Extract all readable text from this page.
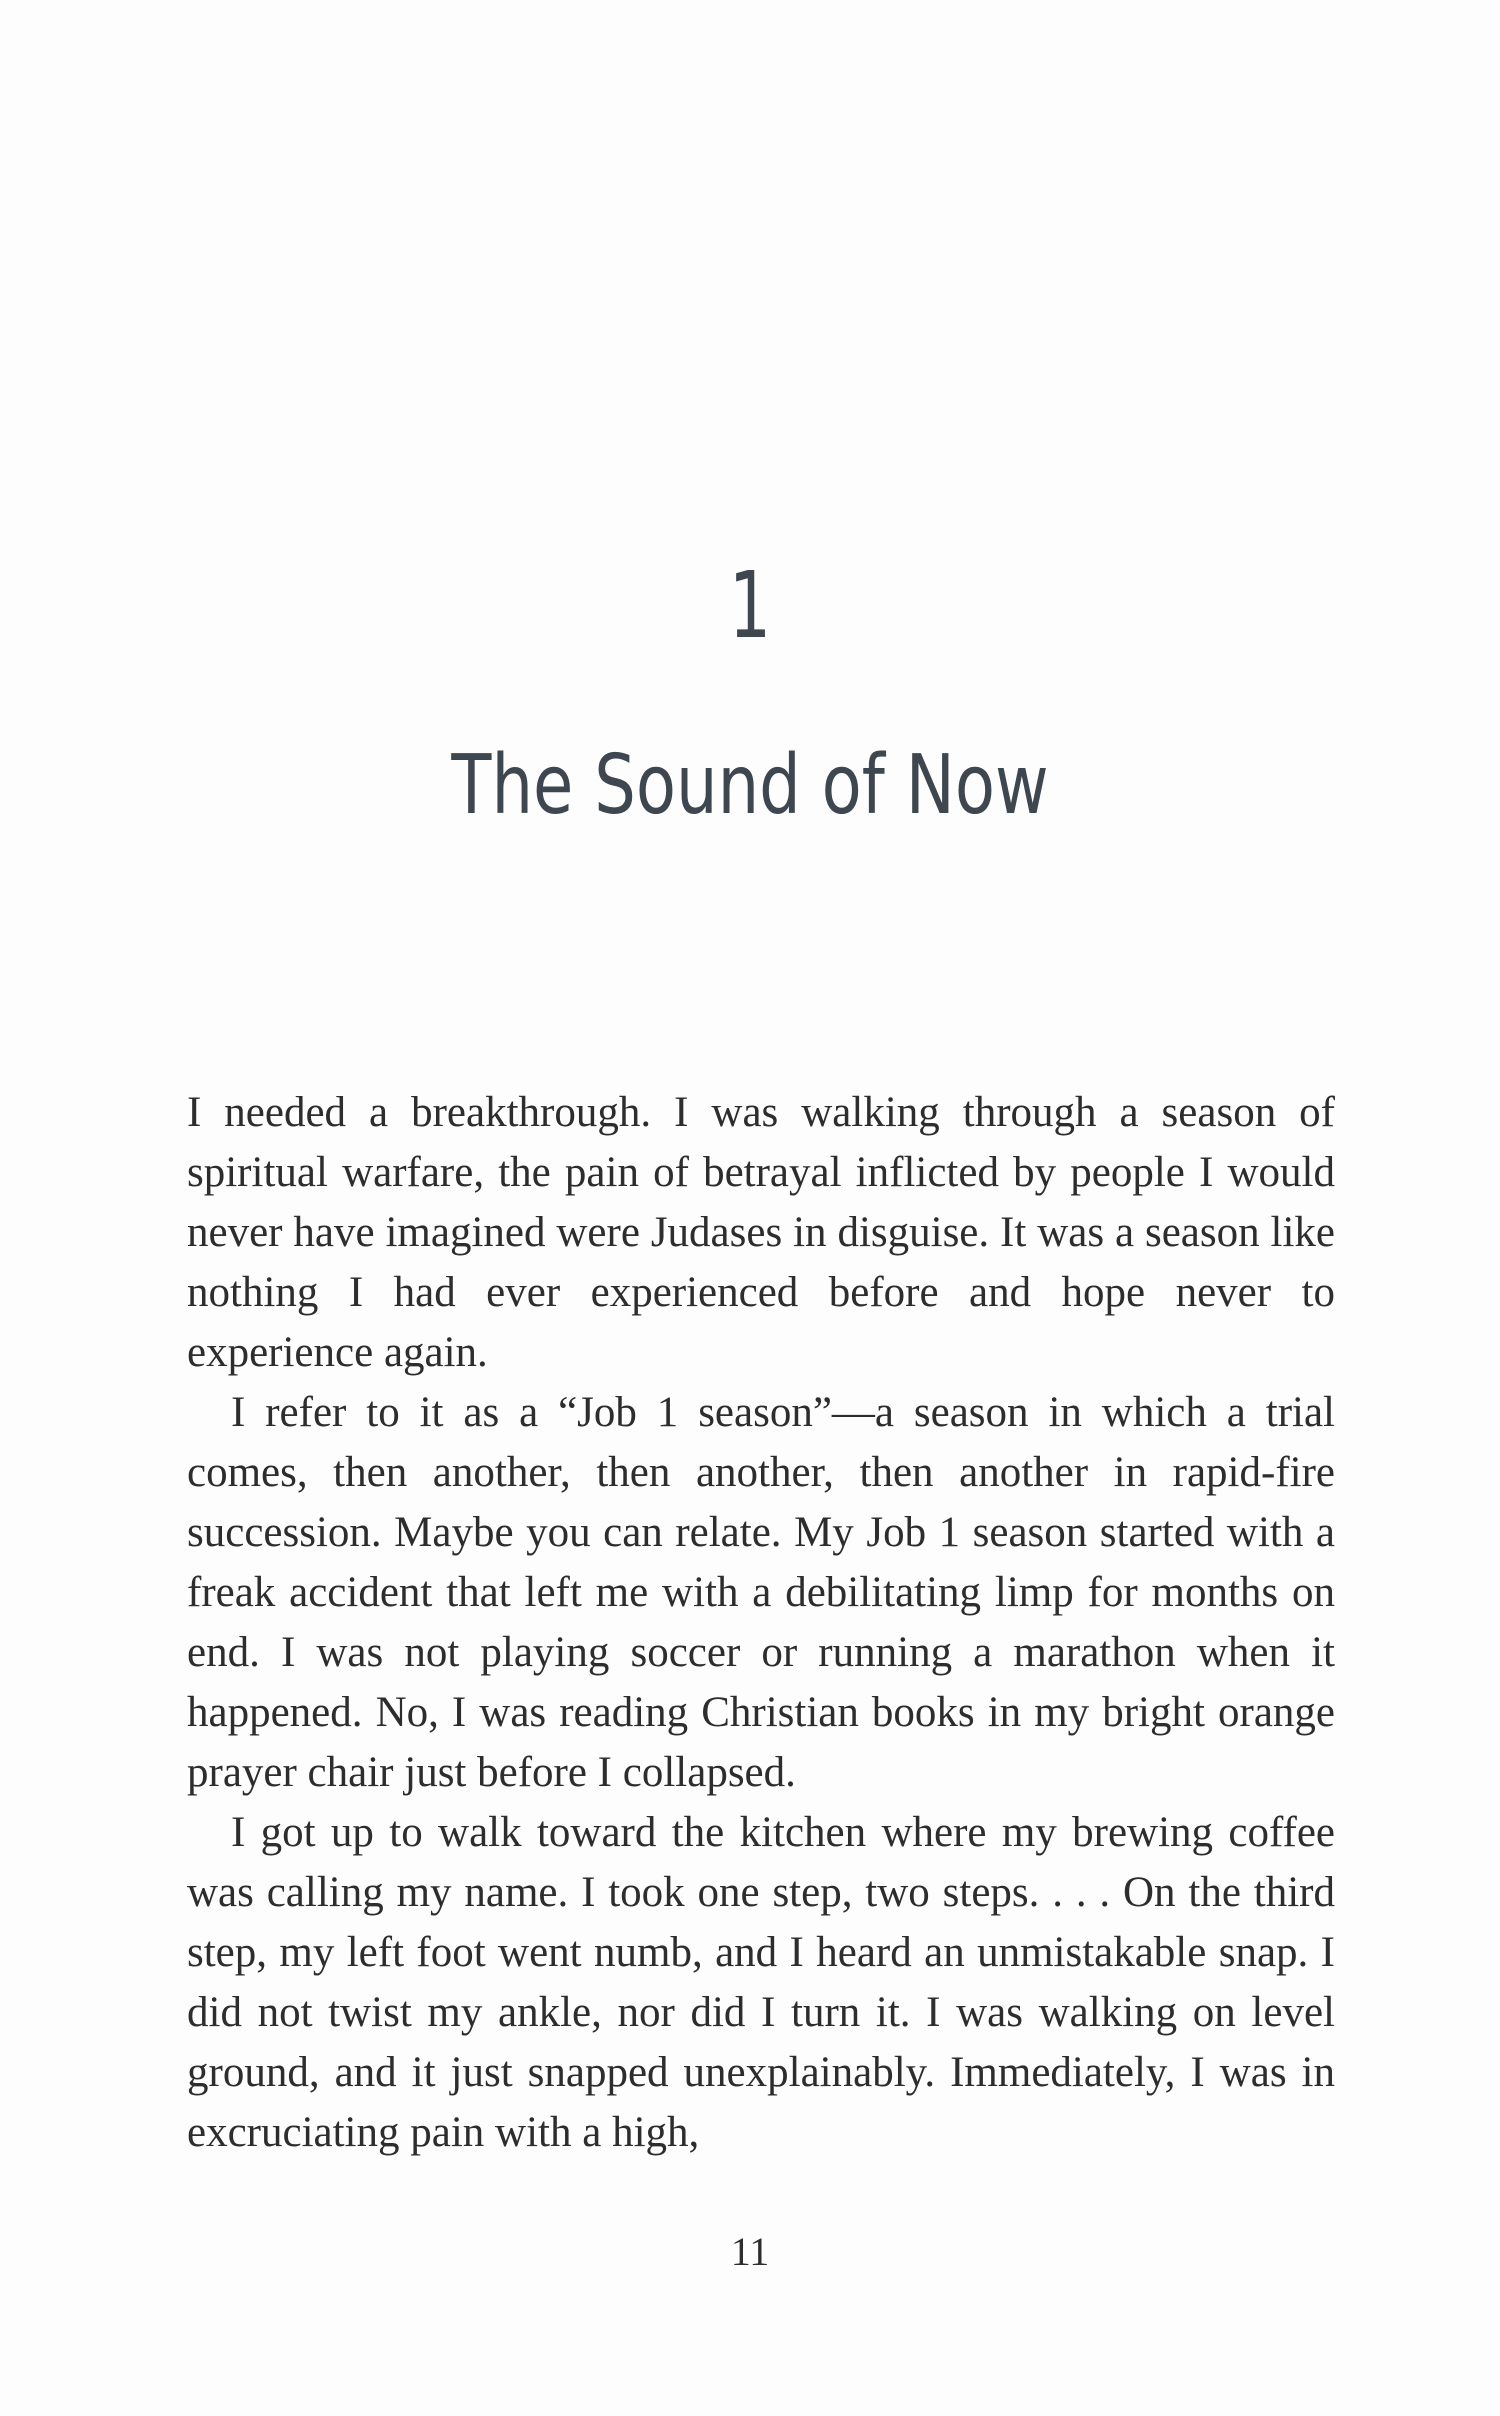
1
The Sound of Now

I needed a breakthrough. I was walking through a season of spiritual warfare, the pain of betrayal inflicted by people I would never have imagined were Judases in disguise. It was a season like nothing I had ever experienced before and hope never to experience again.

I refer to it as a “Job 1 season”—a season in which a trial comes, then another, then another, then another in rapid-fire succession. Maybe you can relate. My Job 1 season started with a freak accident that left me with a debilitating limp for months on end. I was not playing soccer or running a marathon when it happened. No, I was reading Christian books in my bright orange prayer chair just before I collapsed.

I got up to walk toward the kitchen where my brewing coffee was calling my name. I took one step, two steps. . . . On the third step, my left foot went numb, and I heard an unmistakable snap. I did not twist my ankle, nor did I turn it. I was walking on level ground, and it just snapped unexplainably. Immediately, I was in excruciating pain with a high,

11
